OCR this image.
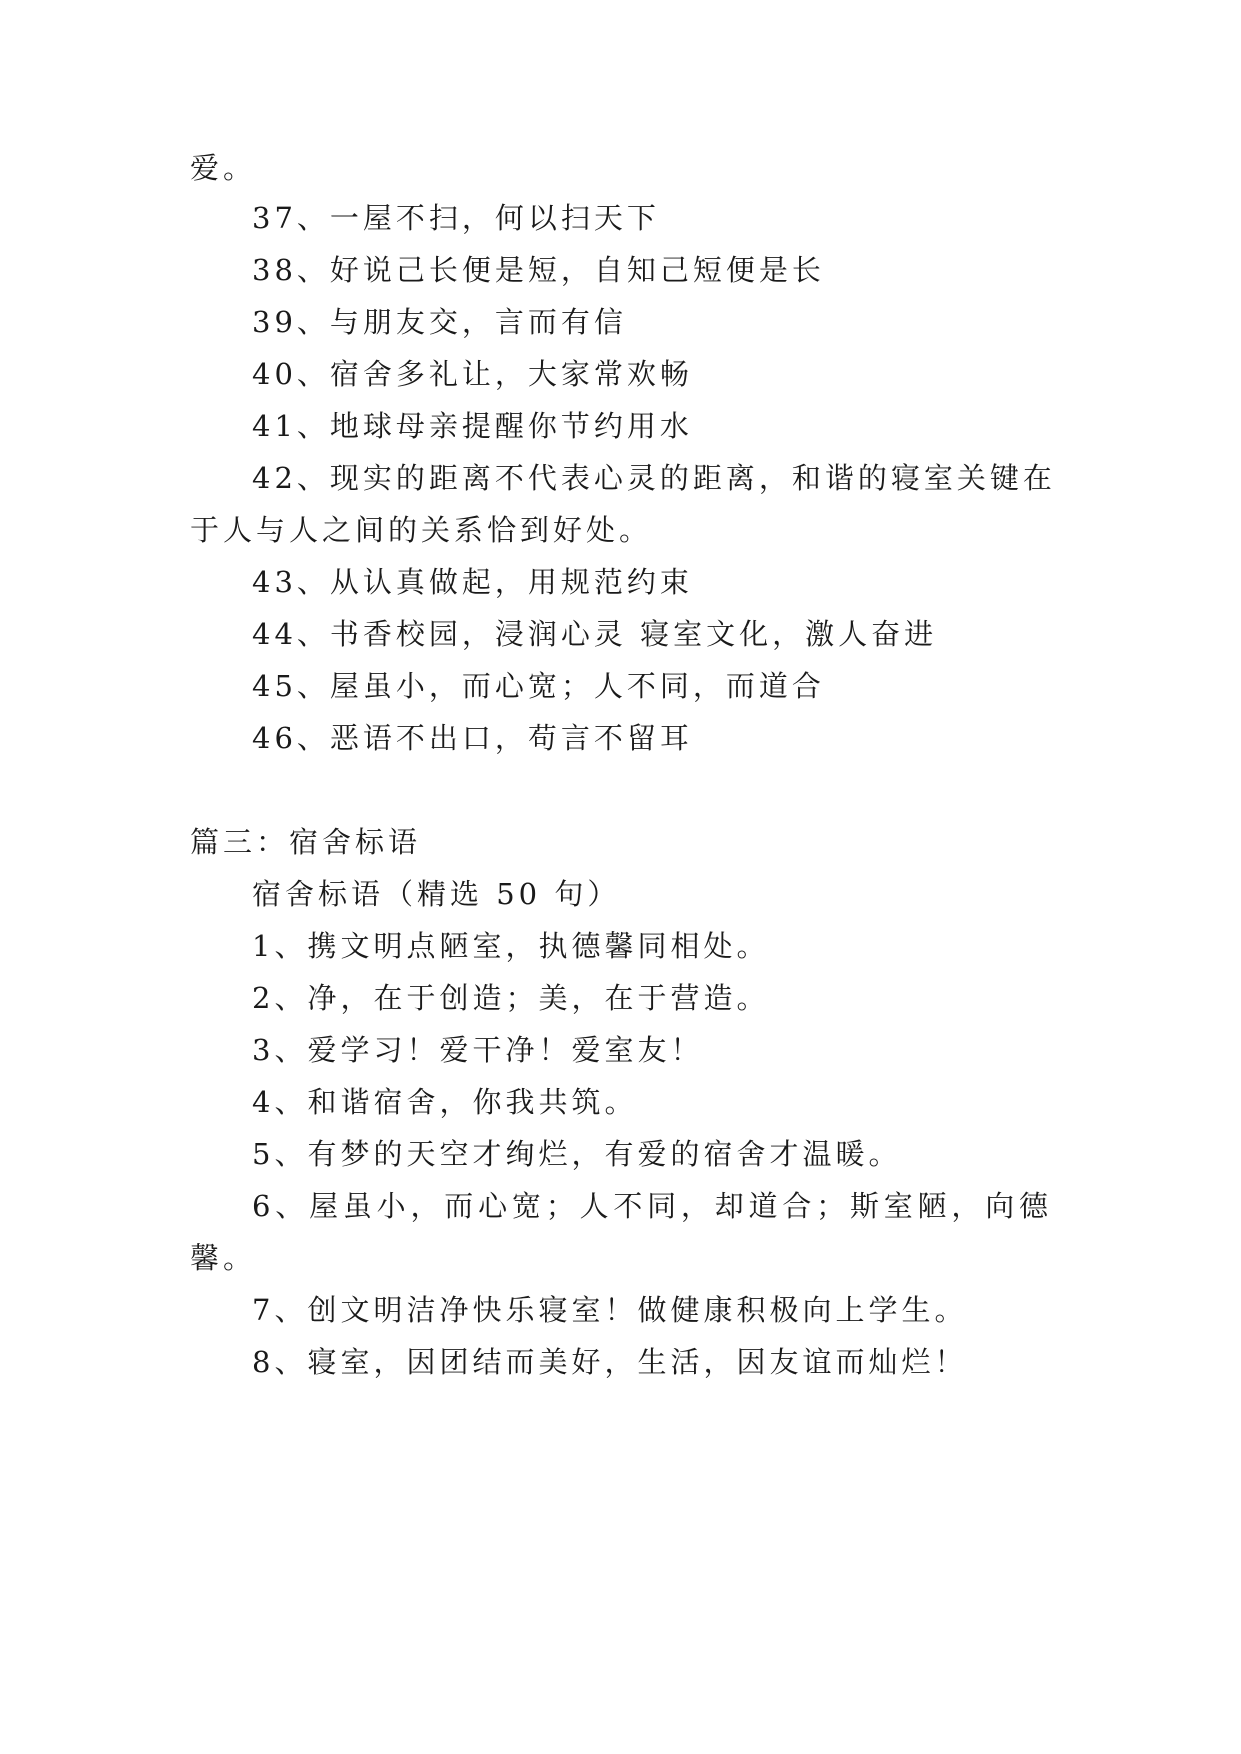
爱。
37、一屋不扫，何以扫天下
38、好说己长便是短，自知己短便是长
39、与朋友交，言而有信
40、宿舍多礼让，大家常欢畅
41、地球母亲提醒你节约用水
42、现实的距离不代表心灵的距离，和谐的寝室关键在
于人与人之间的关系恰到好处。
43、从认真做起，用规范约束
44、书香校园，浸润心灵 寝室文化，激人奋进
45、屋虽小，而心宽；人不同，而道合
46、恶语不出口，苟言不留耳
篇三：宿舍标语
宿舍标语（精选 50 句）
1、携文明点陋室，执德馨同相处。
2、净，在于创造；美，在于营造。
3、爱学习！爱干净！爱室友！
4、和谐宿舍，你我共筑。
5、有梦的天空才绚烂，有爱的宿舍才温暖。
6、屋虽小，而心宽；人不同，却道合；斯室陋，向德
馨。
7、创文明洁净快乐寝室！做健康积极向上学生。
8、寝室，因团结而美好，生活，因友谊而灿烂！
